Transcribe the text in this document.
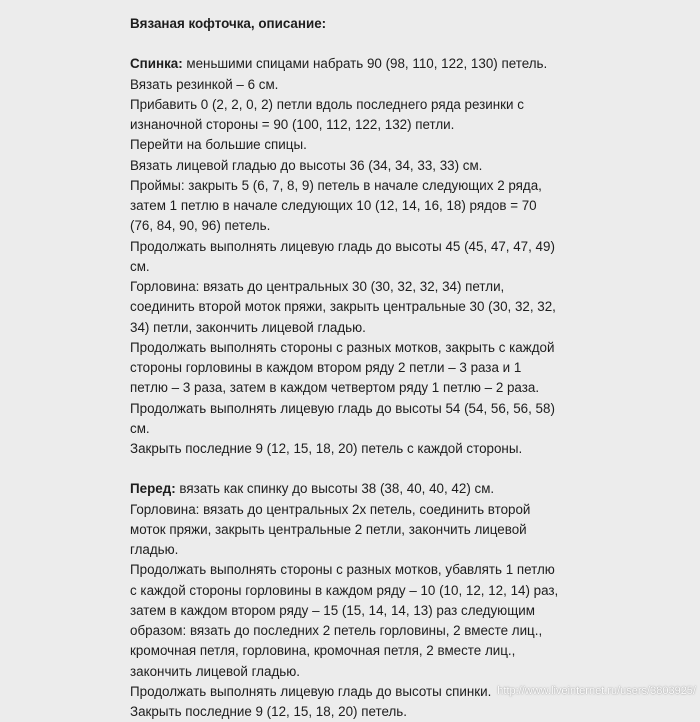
Вязаная кофточка, описание:
Спинка: меньшими спицами набрать 90 (98, 110, 122, 130) петель.
Вязать резинкой – 6 см.
Прибавить 0 (2, 2, 0, 2) петли вдоль последнего ряда резинки с
изнаночной стороны = 90 (100, 112, 122, 132) петли.
Перейти на большие спицы.
Вязать лицевой гладью до высоты 36 (34, 34, 33, 33) см.
Проймы: закрыть 5 (6, 7, 8, 9) петель в начале следующих 2 ряда,
затем 1 петлю в начале следующих 10 (12, 14, 16, 18) рядов = 70
(76, 84, 90, 96) петель.
Продолжать выполнять лицевую гладь до высоты 45 (45, 47, 47, 49)
см.
Горловина: вязать до центральных 30 (30, 32, 32, 34) петли,
соединить второй моток пряжи, закрыть центральные 30 (30, 32, 32,
34) петли, закончить лицевой гладью.
Продолжать выполнять стороны с разных мотков, закрыть с каждой
стороны горловины в каждом втором ряду 2 петли – 3 раза и 1
петлю – 3 раза, затем в каждом четвертом ряду 1 петлю – 2 раза.
Продолжать выполнять лицевую гладь до высоты 54 (54, 56, 56, 58)
см.
Закрыть последние 9 (12, 15, 18, 20) петель с каждой стороны.
Перед: вязать как спинку до высоты 38 (38, 40, 40, 42) см.
Горловина: вязать до центральных 2х петель, соединить второй
моток пряжи, закрыть центральные 2 петли, закончить лицевой
гладью.
Продолжать выполнять стороны с разных мотков, убавлять 1 петлю
с каждой стороны горловины в каждом ряду – 10 (10, 12, 12, 14) раз,
затем в каждом втором ряду – 15 (15, 14, 14, 13) раз следующим
образом: вязать до последних 2 петель горловины, 2 вместе лиц.,
кромочная петля, горловина, кромочная петля, 2 вместе лиц.,
закончить лицевой гладью.
Продолжать выполнять лицевую гладь до высоты спинки.
Закрыть последние 9 (12, 15, 18, 20) петель.
http://www.liveinternet.ru/users/3803925/
